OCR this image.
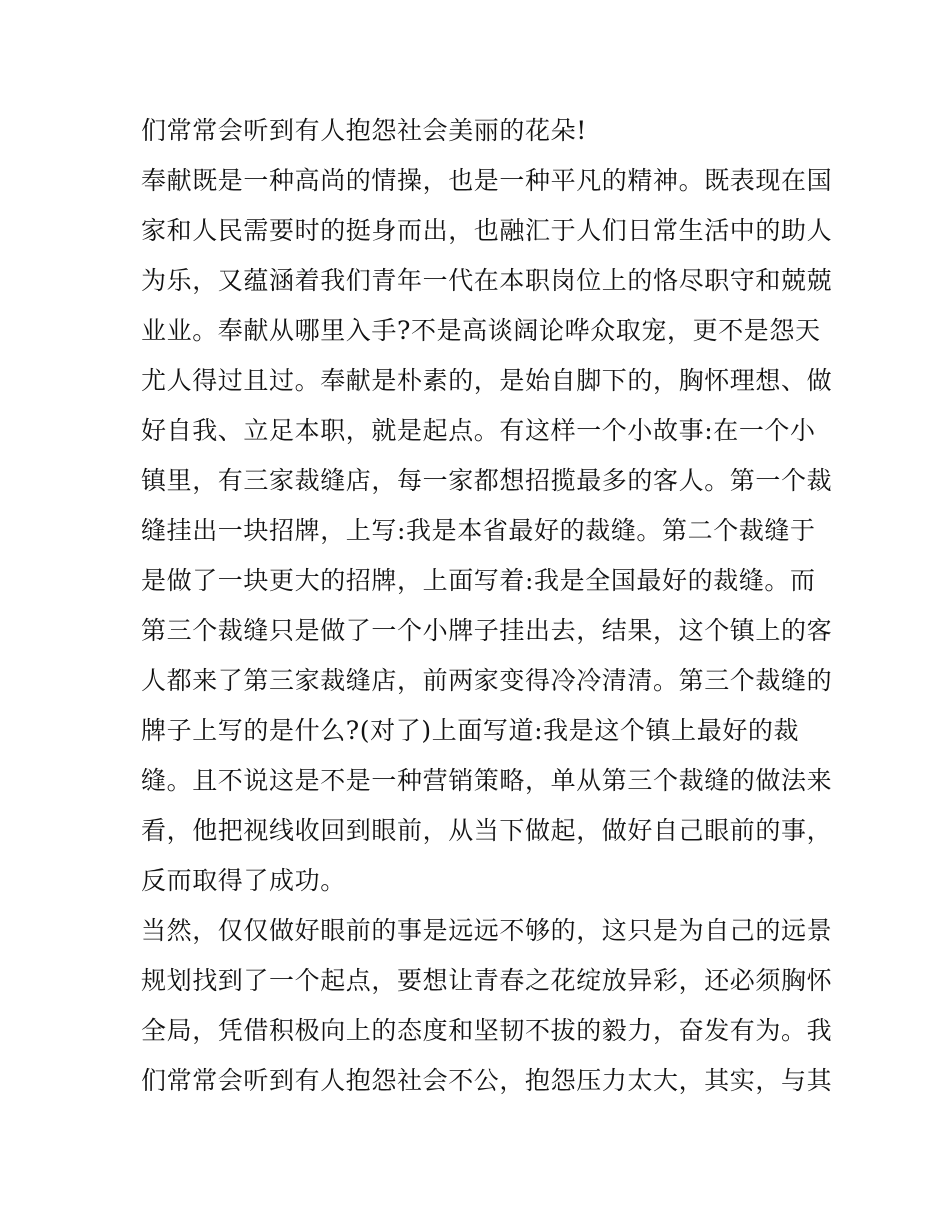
们常常会听到有人抱怨社会美丽的花朵!
奉献既是一种高尚的情操，也是一种平凡的精神。既表现在国
家和人民需要时的挺身而出，也融汇于人们日常生活中的助人
为乐，又蕴涵着我们青年一代在本职岗位上的恪尽职守和兢兢
业业。奉献从哪里入手?不是高谈阔论哗众取宠，更不是怨天
尤人得过且过。奉献是朴素的，是始自脚下的，胸怀理想、做
好自我、立足本职，就是起点。有这样一个小故事:在一个小
镇里，有三家裁缝店，每一家都想招揽最多的客人。第一个裁
缝挂出一块招牌，上写:我是本省最好的裁缝。第二个裁缝于
是做了一块更大的招牌，上面写着:我是全国最好的裁缝。而
第三个裁缝只是做了一个小牌子挂出去，结果，这个镇上的客
人都来了第三家裁缝店，前两家变得冷冷清清。第三个裁缝的
牌子上写的是什么?(对了)上面写道:我是这个镇上最好的裁
缝。且不说这是不是一种营销策略，单从第三个裁缝的做法来
看，他把视线收回到眼前，从当下做起，做好自己眼前的事，
反而取得了成功。
当然，仅仅做好眼前的事是远远不够的，这只是为自己的远景
规划找到了一个起点，要想让青春之花绽放异彩，还必须胸怀
全局，凭借积极向上的态度和坚韧不拔的毅力，奋发有为。我
们常常会听到有人抱怨社会不公，抱怨压力太大，其实，与其
